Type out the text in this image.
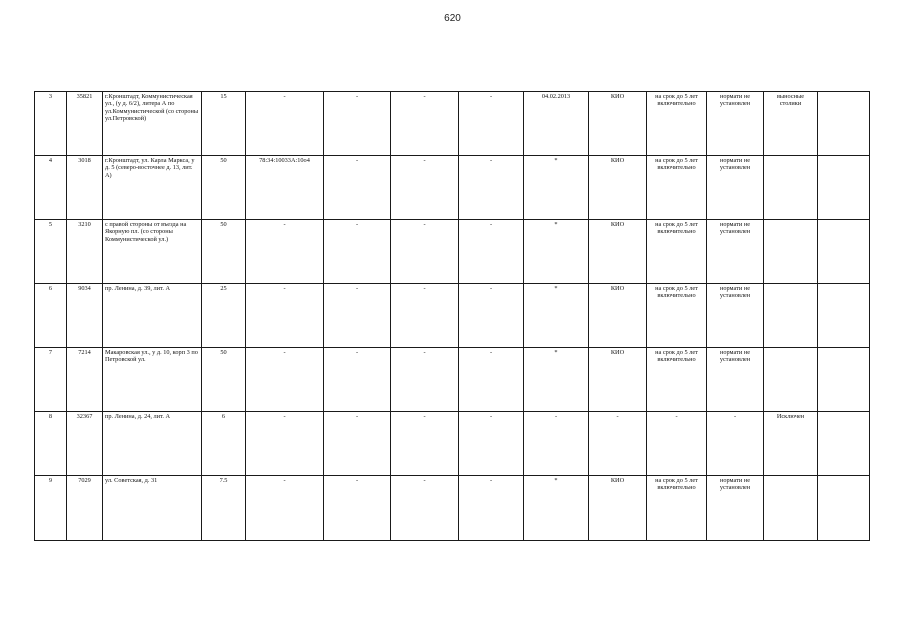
620
3	35821	г.Кронштадт, Коммунистическая ул., (у д. 6/2), литера А по ул.Коммунистической (со стороны ул.Петровской)	15	-	-	-	-	04.02.2013	КИО	на срок до 5 лет включительно	нормати не установлен	выносные столики	
4	3018	г.Кронштадт, ул. Карла Маркса, у д. 5 (северо-восточнее д. 13, лит. А)	50	78:34:10033А:10о4	-	-	-	*	КИО	на срок до 5 лет включительно	нормати не установлен		
5	3210	с правой стороны от въезда на Якорную пл. (со стороны Коммунистической ул.)	50	-	-	-	-	*	КИО	на срок до 5 лет включительно	нормати не установлен		
6	9034	пр. Ленина, д. 39, лит. А	25	-	-	-	-	*	КИО	на срок до 5 лет включительно	нормати не установлен		
7	7214	Макаровская ул., у д. 10, корп 3 по Петровской ул.	50	-	-	-	-	*	КИО	на срок до 5 лет включительно	нормати не установлен		
8	32367	пр. Ленина, д. 24, лит. А	6	-	-	-	-	-	-	-	-	Исключен	
9	7029	ул. Советская, д. 31	7.5	-	-	-	-	*	КИО	на срок до 5 лет включительно	нормати не установлен		
